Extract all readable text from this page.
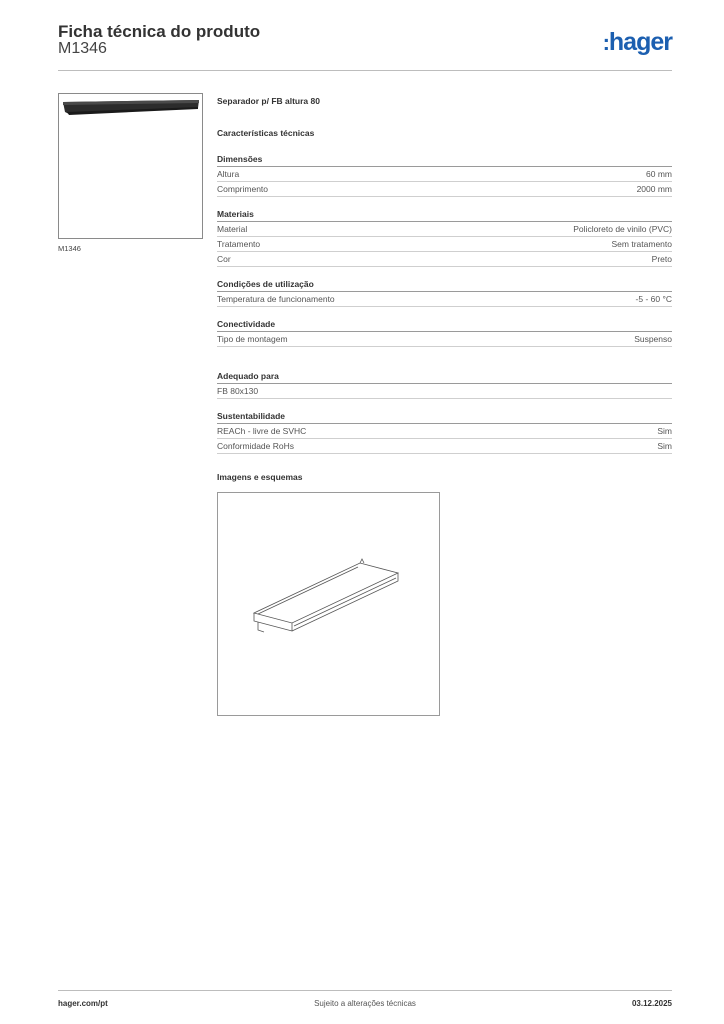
Ficha técnica do produto
M1346	:hager
M1346
Separador p/ FB altura 80
Características técnicas
Dimensões
Altura	60 mm
Comprimento	2000 mm
Materiais
Material	Policloreto de vinilo (PVC)
Tratamento	Sem tratamento
Cor	Preto
Condições de utilização
Temperatura de funcionamento	-5 - 60 °C
Conectividade
Tipo de montagem	Suspenso
Adequado para
FB 80x130
Sustentabilidade
REACh - livre de SVHC	Sim
Conformidade RoHs	Sim
Imagens e esquemas
hager.com/pt	Sujeito a alterações técnicas	03.12.2025
